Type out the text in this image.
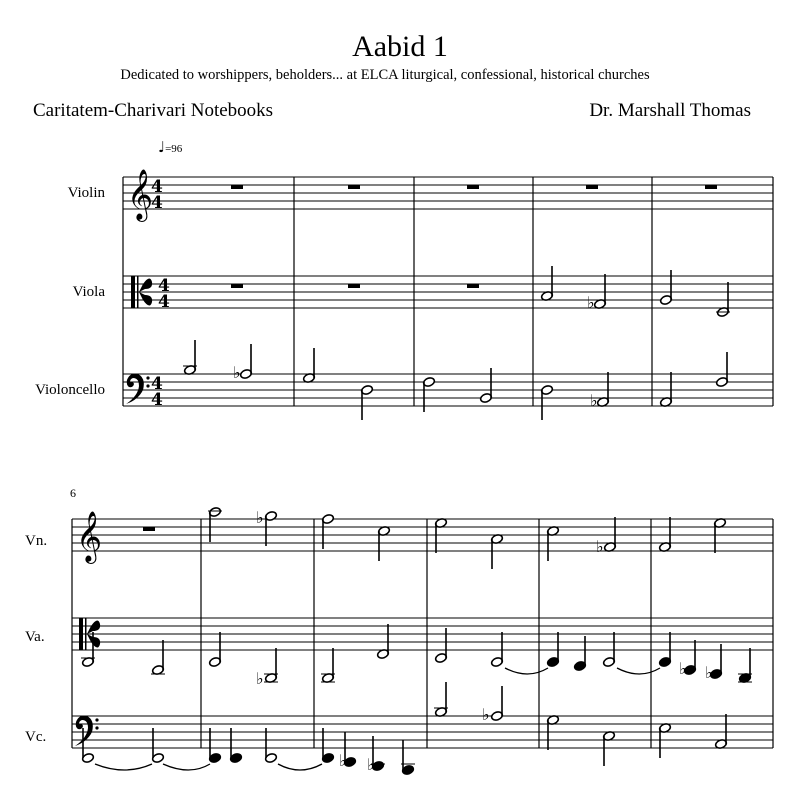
Aabid 1
Dedicated to worshippers, beholders... at ELCA liturgical, confessional, historical churches
Caritatem-Charivari Notebooks	Dr. Marshall Thomas
♩=96
Violin
Viola
Violoncello
6
Vn.
Va.
Vc.
𝄞
4
4
4
4
4
4
♭
♭
♭
𝄞	♭
♭
♭
♭ ♭
♭
♭ ♭
